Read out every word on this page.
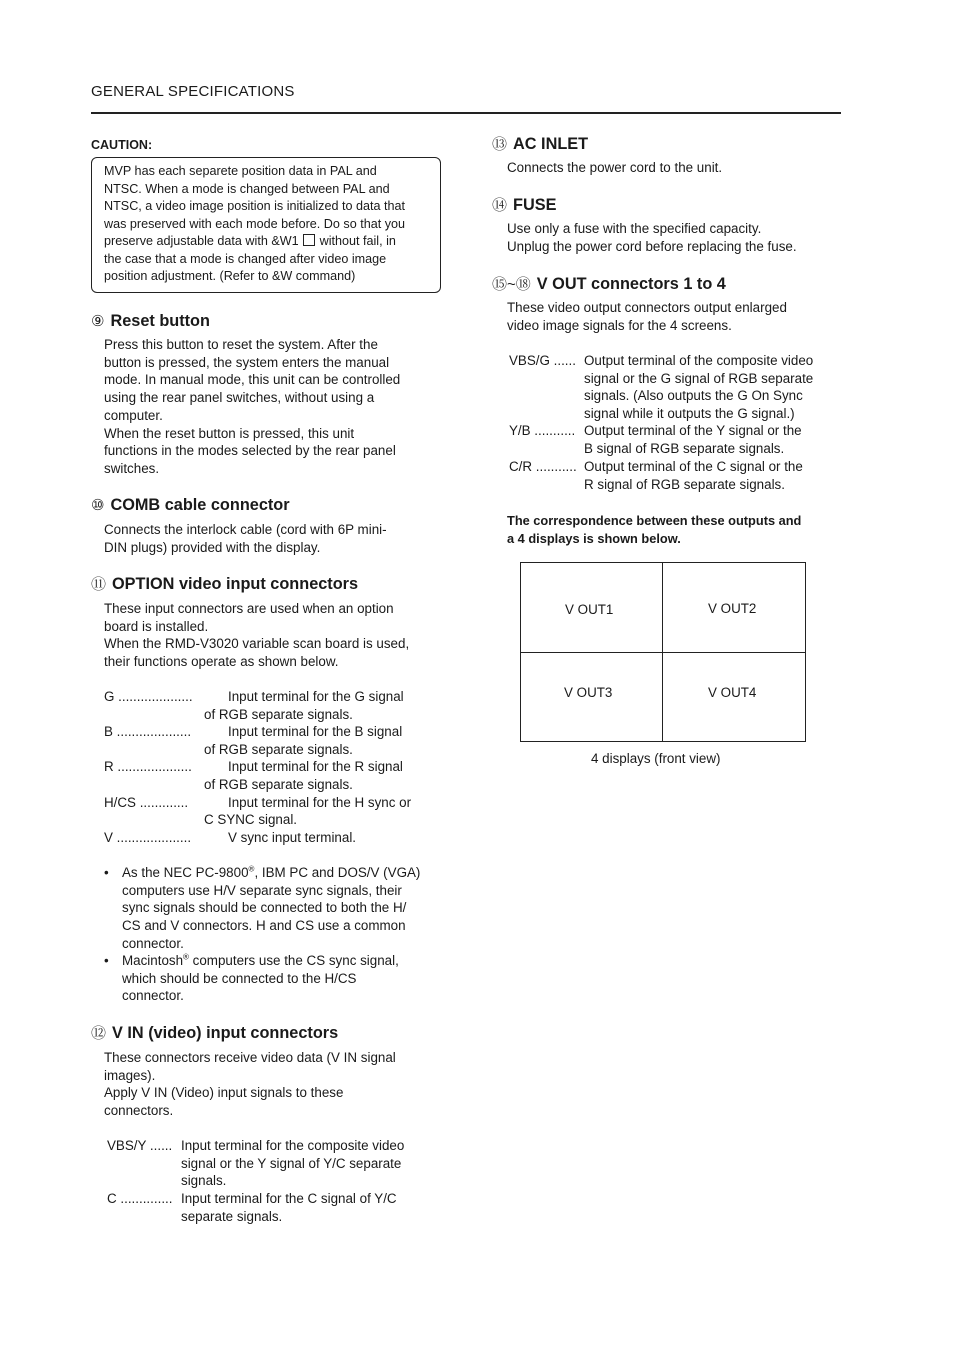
GENERAL SPECIFICATIONS
CAUTION:
MVP has each separete position data in PAL and
NTSC. When a mode is changed between PAL and
NTSC, a video image position is initialized to data that
was preserved with each mode before. Do so that you
preserve adjustable data with &W1 without fail, in
the case that a mode is changed after video image
position adjustment. (Refer to &W command)
⑨ Reset button
Press this button to reset the system. After the
button is pressed, the system enters the manual
mode. In manual mode, this unit can be controlled
using the rear panel switches, without using a
computer.
When the reset button is pressed, this unit
functions in the modes selected by the rear panel
switches.
⑩ COMB cable connector
Connects the interlock cable (cord with 6P mini-
DIN plugs) provided with the display.
⑪ OPTION video input connectors
These input connectors are used when an option
board is installed.
When the RMD-V3020 variable scan board is used,
their functions operate as shown below.
G ....................	Input terminal for the G signal
of RGB separate signals.
B ....................	Input terminal for the B signal
of RGB separate signals.
R ....................	Input terminal for the R signal
of RGB separate signals.
H/CS .............	Input terminal for the H sync or
C SYNC signal.
V ....................	V sync input terminal.
• As the NEC PC-9800®, IBM PC and DOS/V (VGA)
computers use H/V separate sync signals, their
sync signals should be connected to both the H/
CS and V connectors. H and CS use a common
connector.
• Macintosh® computers use the CS sync signal,
which should be connected to the H/CS
connector.
⑫ V IN (video) input connectors
These connectors receive video data (V IN signal
images).
Apply V IN (Video) input signals to these
connectors.
VBS/Y ...... Input terminal for the composite video
signal or the Y signal of Y/C separate
signals.
C .............. Input terminal for the C signal of Y/C
separate signals.
⑬ AC INLET
Connects the power cord to the unit.
⑭ FUSE
Use only a fuse with the specified capacity.
Unplug the power cord before replacing the fuse.
⑮~⑱ V OUT connectors 1 to 4
These video output connectors output enlarged
video image signals for the 4 screens.
VBS/G ...... Output terminal of the composite video
signal or the G signal of RGB separate
signals. (Also outputs the G On Sync
signal while it outputs the G signal.)
Y/B ........... Output terminal of the Y signal or the
B signal of RGB separate signals.
C/R ........... Output terminal of the C signal or the
R signal of RGB separate signals.
The correspondence between these outputs and
a 4 displays is shown below.
V OUT1	V OUT2
V OUT3	V OUT4
4 displays (front view)
